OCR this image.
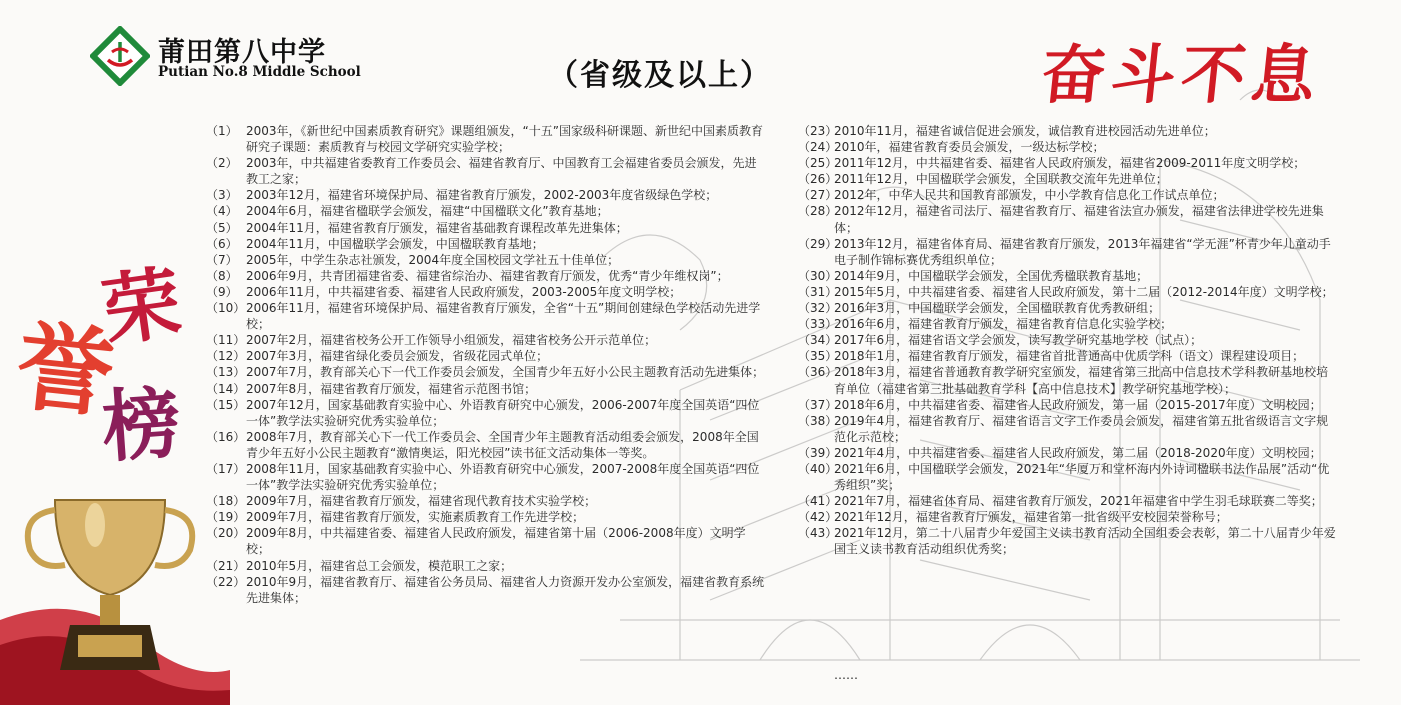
莆田第八中学
Putian No.8 Middle School	（省级及以上）	奋斗不息
荣
誉
榜
（1） 2003年，《新世纪中国素质教育研究》课题组颁发，“十五”国家级科研课题、新世纪中国素质教育研究子课题：素质教育与校园文学研究实验学校；
（2） 2003年，中共福建省委教育工作委员会、福建省教育厅、中国教育工会福建省委员会颁发，先进教工之家；
（3） 2003年12月，福建省环境保护局、福建省教育厅颁发，2002-2003年度省级绿色学校；
（4） 2004年6月，福建省楹联学会颁发，福建“中国楹联文化”教育基地；
（5） 2004年11月，福建省教育厅颁发，福建省基础教育课程改革先进集体；
（6） 2004年11月，中国楹联学会颁发，中国楹联教育基地；
（7） 2005年，中学生杂志社颁发，2004年度全国校园文学社五十佳单位；
（8） 2006年9月，共青团福建省委、福建省综治办、福建省教育厅颁发，优秀“青少年维权岗”；
（9） 2006年11月，中共福建省委、福建省人民政府颁发，2003-2005年度文明学校；
（10） 2006年11月，福建省环境保护局、福建省教育厅颁发，全省“十五”期间创建绿色学校活动先进学校；
（11） 2007年2月，福建省校务公开工作领导小组颁发，福建省校务公开示范单位；
（12） 2007年3月，福建省绿化委员会颁发，省级花园式单位；
（13） 2007年7月，教育部关心下一代工作委员会颁发，全国青少年五好小公民主题教育活动先进集体；
（14） 2007年8月，福建省教育厅颁发，福建省示范图书馆；
（15） 2007年12月，国家基础教育实验中心、外语教育研究中心颁发，2006-2007年度全国英语“四位一体”教学法实验研究优秀实验单位；
（16） 2008年7月，教育部关心下一代工作委员会、全国青少年主题教育活动组委会颁发，2008年全国青少年五好小公民主题教育“激情奥运，阳光校园”读书征文活动集体一等奖。
（17） 2008年11月，国家基础教育实验中心、外语教育研究中心颁发，2007-2008年度全国英语“四位一体”教学法实验研究优秀实验单位；
（18） 2009年7月，福建省教育厅颁发，福建省现代教育技术实验学校；
（19） 2009年7月，福建省教育厅颁发，实施素质教育工作先进学校；
（20） 2009年8月，中共福建省委、福建省人民政府颁发，福建省第十届（2006-2008年度）文明学校；
（21） 2010年5月，福建省总工会颁发，模范职工之家；
（22） 2010年9月，福建省教育厅、福建省公务员局、福建省人力资源开发办公室颁发，福建省教育系统先进集体；
（23）
2010年11月，福建省诚信促进会颁发，诚信教育进校园活动先进单位；
（24）
2010年，福建省教育委员会颁发，一级达标学校；
（25）
2011年12月，中共福建省委、福建省人民政府颁发，福建省2009-2011年度文明学校；
（26）
2011年12月，中国楹联学会颁发，全国联教交流年先进单位；
（27）
2012年，中华人民共和国教育部颁发，中小学教育信息化工作试点单位；
（28）
2012年12月，福建省司法厅、福建省教育厅、福建省法宣办颁发，福建省法律进学校先进集体；
（29）
2013年12月，福建省体育局、福建省教育厅颁发，2013年福建省“学无涯”杯青少年儿童动手电子制作锦标赛优秀组织单位；
（30）
2014年9月，中国楹联学会颁发，全国优秀楹联教育基地；
（31）
2015年5月，中共福建省委、福建省人民政府颁发，第十二届（2012-2014年度）文明学校；
（32）
2016年3月，中国楹联学会颁发，全国楹联教育优秀教研组；
（33）
2016年6月，福建省教育厅颁发，福建省教育信息化实验学校；
（34）
2017年6月，福建省语文学会颁发，读写教学研究基地学校（试点）；
（35）
2018年1月，福建省教育厅颁发，福建省首批普通高中优质学科（语文）课程建设项目；
（36）
2018年3月，福建省普通教育教学研究室颁发，福建省第三批高中信息技术学科教研基地校培育单位（福建省第三批基础教育学科【高中信息技术】教学研究基地学校）；
（37）
2018年6月，中共福建省委、福建省人民政府颁发，第一届（2015-2017年度）文明校园；
（38）
2019年4月，福建省教育厅、福建省语言文字工作委员会颁发，福建省第五批省级语言文字规范化示范校；
（39）
2021年4月，中共福建省委、福建省人民政府颁发，第二届（2018-2020年度）文明校园；
（40）
2021年6月，中国楹联学会颁发，2021年“华厦万和堂杯海内外诗词楹联书法作品展”活动“优秀组织”奖；
（41）
2021年7月，福建省体育局、福建省教育厅颁发，2021年福建省中学生羽毛球联赛二等奖；
（42）
2021年12月，福建省教育厅颁发，福建省第一批省级平安校园荣誉称号；
（43）
2021年12月，第二十八届青少年爱国主义读书教育活动全国组委会表彰，第二十八届青少年爱国主义读书教育活动组织优秀奖；
……
